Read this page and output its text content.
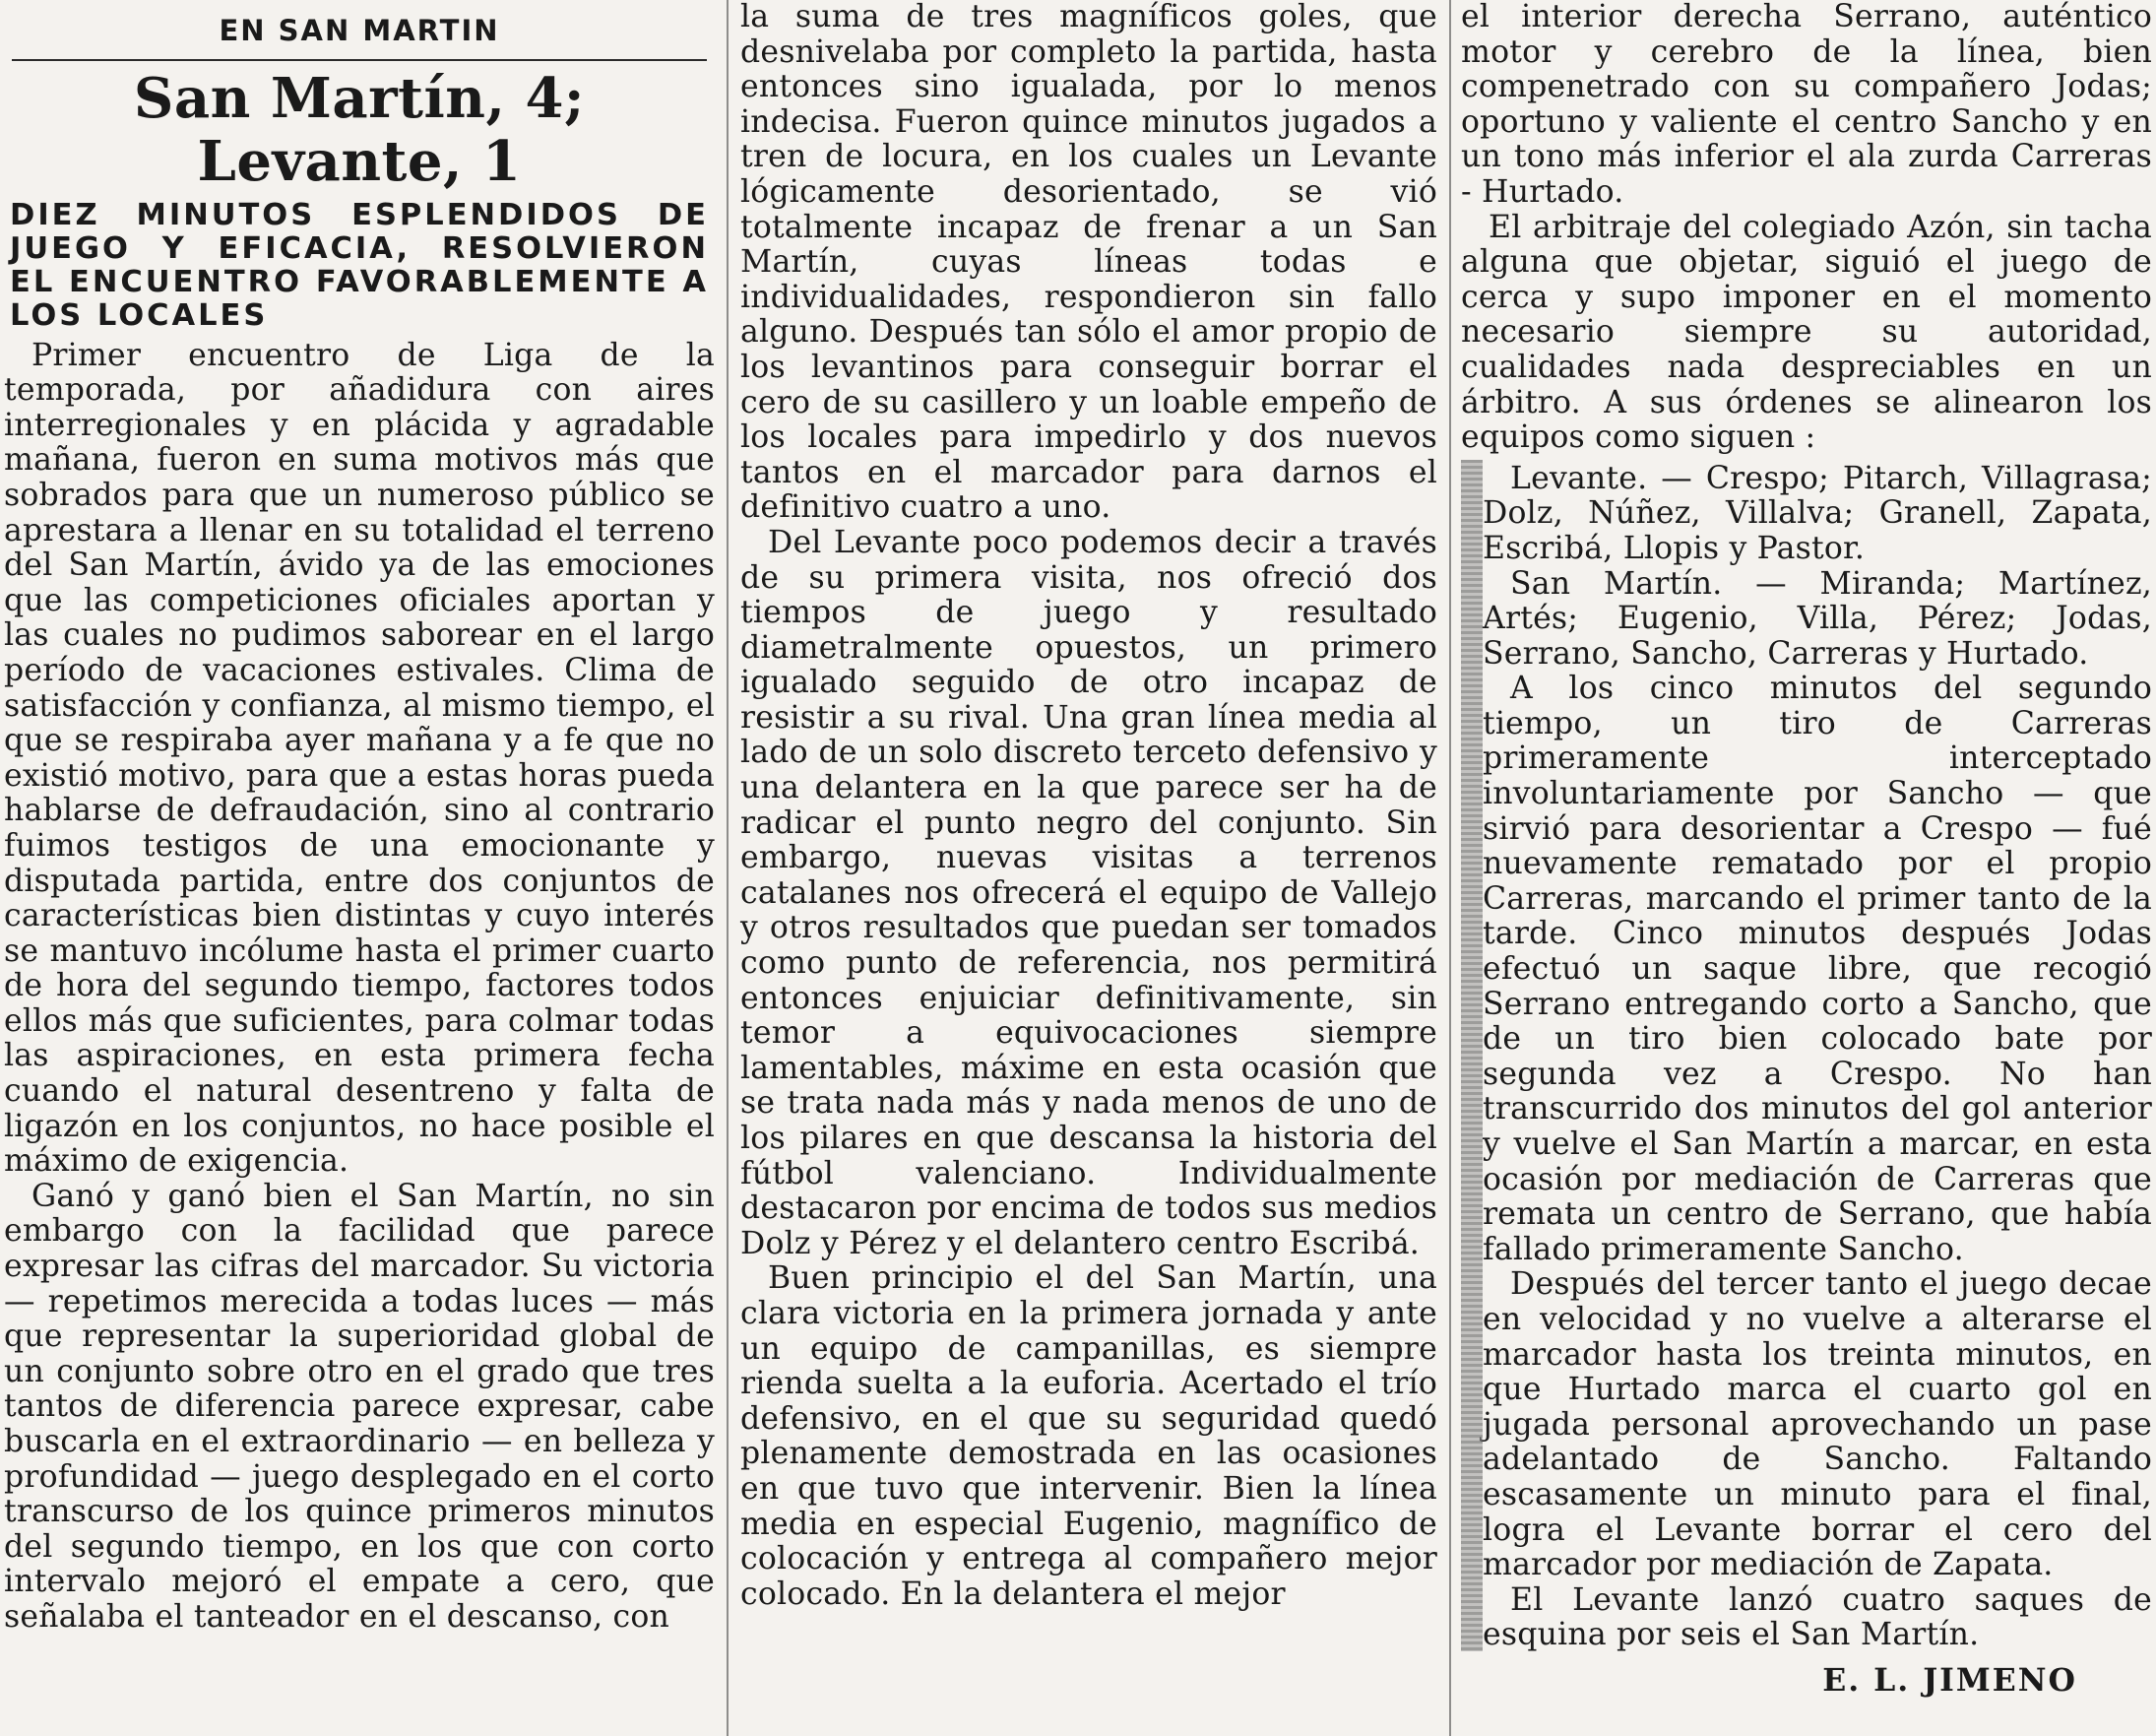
EN SAN MARTIN
San Martín, 4; Levante, 1
DIEZ MINUTOS ESPLENDIDOS DE JUEGO Y EFICACIA, RESOLVIERON EL ENCUENTRO FAVORABLEMENTE A LOS LOCALES

Primer encuentro de Liga de la temporada, por añadidura con aires interregionales y en plácida y agradable mañana, fueron en suma motivos más que sobrados para que un numeroso público se aprestara a llenar en su totalidad el terreno del San Martín, ávido ya de las emociones que las competiciones oficiales aportan y las cuales no pudimos saborear en el largo período de vacaciones estivales. Clima de satisfacción y confianza, al mismo tiempo, el que se respiraba ayer mañana y a fe que no existió motivo, para que a estas horas pueda hablarse de defraudación, sino al contrario fuimos testigos de una emocionante y disputada partida, entre dos conjuntos de características bien distintas y cuyo interés se mantuvo incólume hasta el primer cuarto de hora del segundo tiempo, factores todos ellos más que suficientes, para colmar todas las aspiraciones, en esta primera fecha cuando el natural desentreno y falta de ligazón en los conjuntos, no hace posible el máximo de exigencia.

Ganó y ganó bien el San Martín, no sin embargo con la facilidad que parece expresar las cifras del marcador. Su victoria — repetimos merecida a todas luces — más que representar la superioridad global de un conjunto sobre otro en el grado que tres tantos de diferencia parece expresar, cabe buscarla en el extraordinario — en belleza y profundidad — juego desplegado en el corto transcurso de los quince primeros minutos del segundo tiempo, en los que con corto intervalo mejoró el empate a cero, que señalaba el tanteador en el descanso, con

la suma de tres magníficos goles, que desnivelaba por completo la partida, hasta entonces sino igualada, por lo menos indecisa. Fueron quince minutos jugados a tren de locura, en los cuales un Levante lógicamente desorientado, se vió totalmente incapaz de frenar a un San Martín, cuyas líneas todas e individualidades, respondieron sin fallo alguno. Después tan sólo el amor propio de los levantinos para conseguir borrar el cero de su casillero y un loable empeño de los locales para impedirlo y dos nuevos tantos en el marcador para darnos el definitivo cuatro a uno.

Del Levante poco podemos decir a través de su primera visita, nos ofreció dos tiempos de juego y resultado diametralmente opuestos, un primero igualado seguido de otro incapaz de resistir a su rival. Una gran línea media al lado de un solo discreto terceto defensivo y una delantera en la que parece ser ha de radicar el punto negro del conjunto. Sin embargo, nuevas visitas a terrenos catalanes nos ofrecerá el equipo de Vallejo y otros resultados que puedan ser tomados como punto de referencia, nos permitirá entonces enjuiciar definitivamente, sin temor a equivocaciones siempre lamentables, máxime en esta ocasión que se trata nada más y nada menos de uno de los pilares en que descansa la historia del fútbol valenciano. Individualmente destacaron por encima de todos sus medios Dolz y Pérez y el delantero centro Escribá.

Buen principio el del San Martín, una clara victoria en la primera jornada y ante un equipo de campanillas, es siempre rienda suelta a la euforia. Acertado el trío defensivo, en el que su seguridad quedó plenamente demostrada en las ocasiones en que tuvo que intervenir. Bien la línea media en especial Eugenio, magnífico de colocación y entrega al compañero mejor colocado. En la delantera el mejor

el interior derecha Serrano, auténtico motor y cerebro de la línea, bien compenetrado con su compañero Jodas; oportuno y valiente el centro Sancho y en un tono más inferior el ala zurda Carreras - Hurtado.

El arbitraje del colegiado Azón, sin tacha alguna que objetar, siguió el juego de cerca y supo imponer en el momento necesario siempre su autoridad, cualidades nada despreciables en un árbitro. A sus órdenes se alinearon los equipos como siguen :

Levante. — Crespo; Pitarch, Villagrasa; Dolz, Núñez, Villalva; Granell, Zapata, Escribá, Llopis y Pastor.

San Martín. — Miranda; Martínez, Artés; Eugenio, Villa, Pérez; Jodas, Serrano, Sancho, Carreras y Hurtado.

A los cinco minutos del segundo tiempo, un tiro de Carreras primeramente interceptado involuntariamente por Sancho — que sirvió para desorientar a Crespo — fué nuevamente rematado por el propio Carreras, marcando el primer tanto de la tarde. Cinco minutos después Jodas efectuó un saque libre, que recogió Serrano entregando corto a Sancho, que de un tiro bien colocado bate por segunda vez a Crespo. No han transcurrido dos minutos del gol anterior y vuelve el San Martín a marcar, en esta ocasión por mediación de Carreras que remata un centro de Serrano, que había fallado primeramente Sancho.

Después del tercer tanto el juego decae en velocidad y no vuelve a alterarse el marcador hasta los treinta minutos, en que Hurtado marca el cuarto gol en jugada personal aprovechando un pase adelantado de Sancho. Faltando escasamente un minuto para el final, logra el Levante borrar el cero del marcador por mediación de Zapata.

El Levante lanzó cuatro saques de esquina por seis el San Martín.

E. L. JIMENO
